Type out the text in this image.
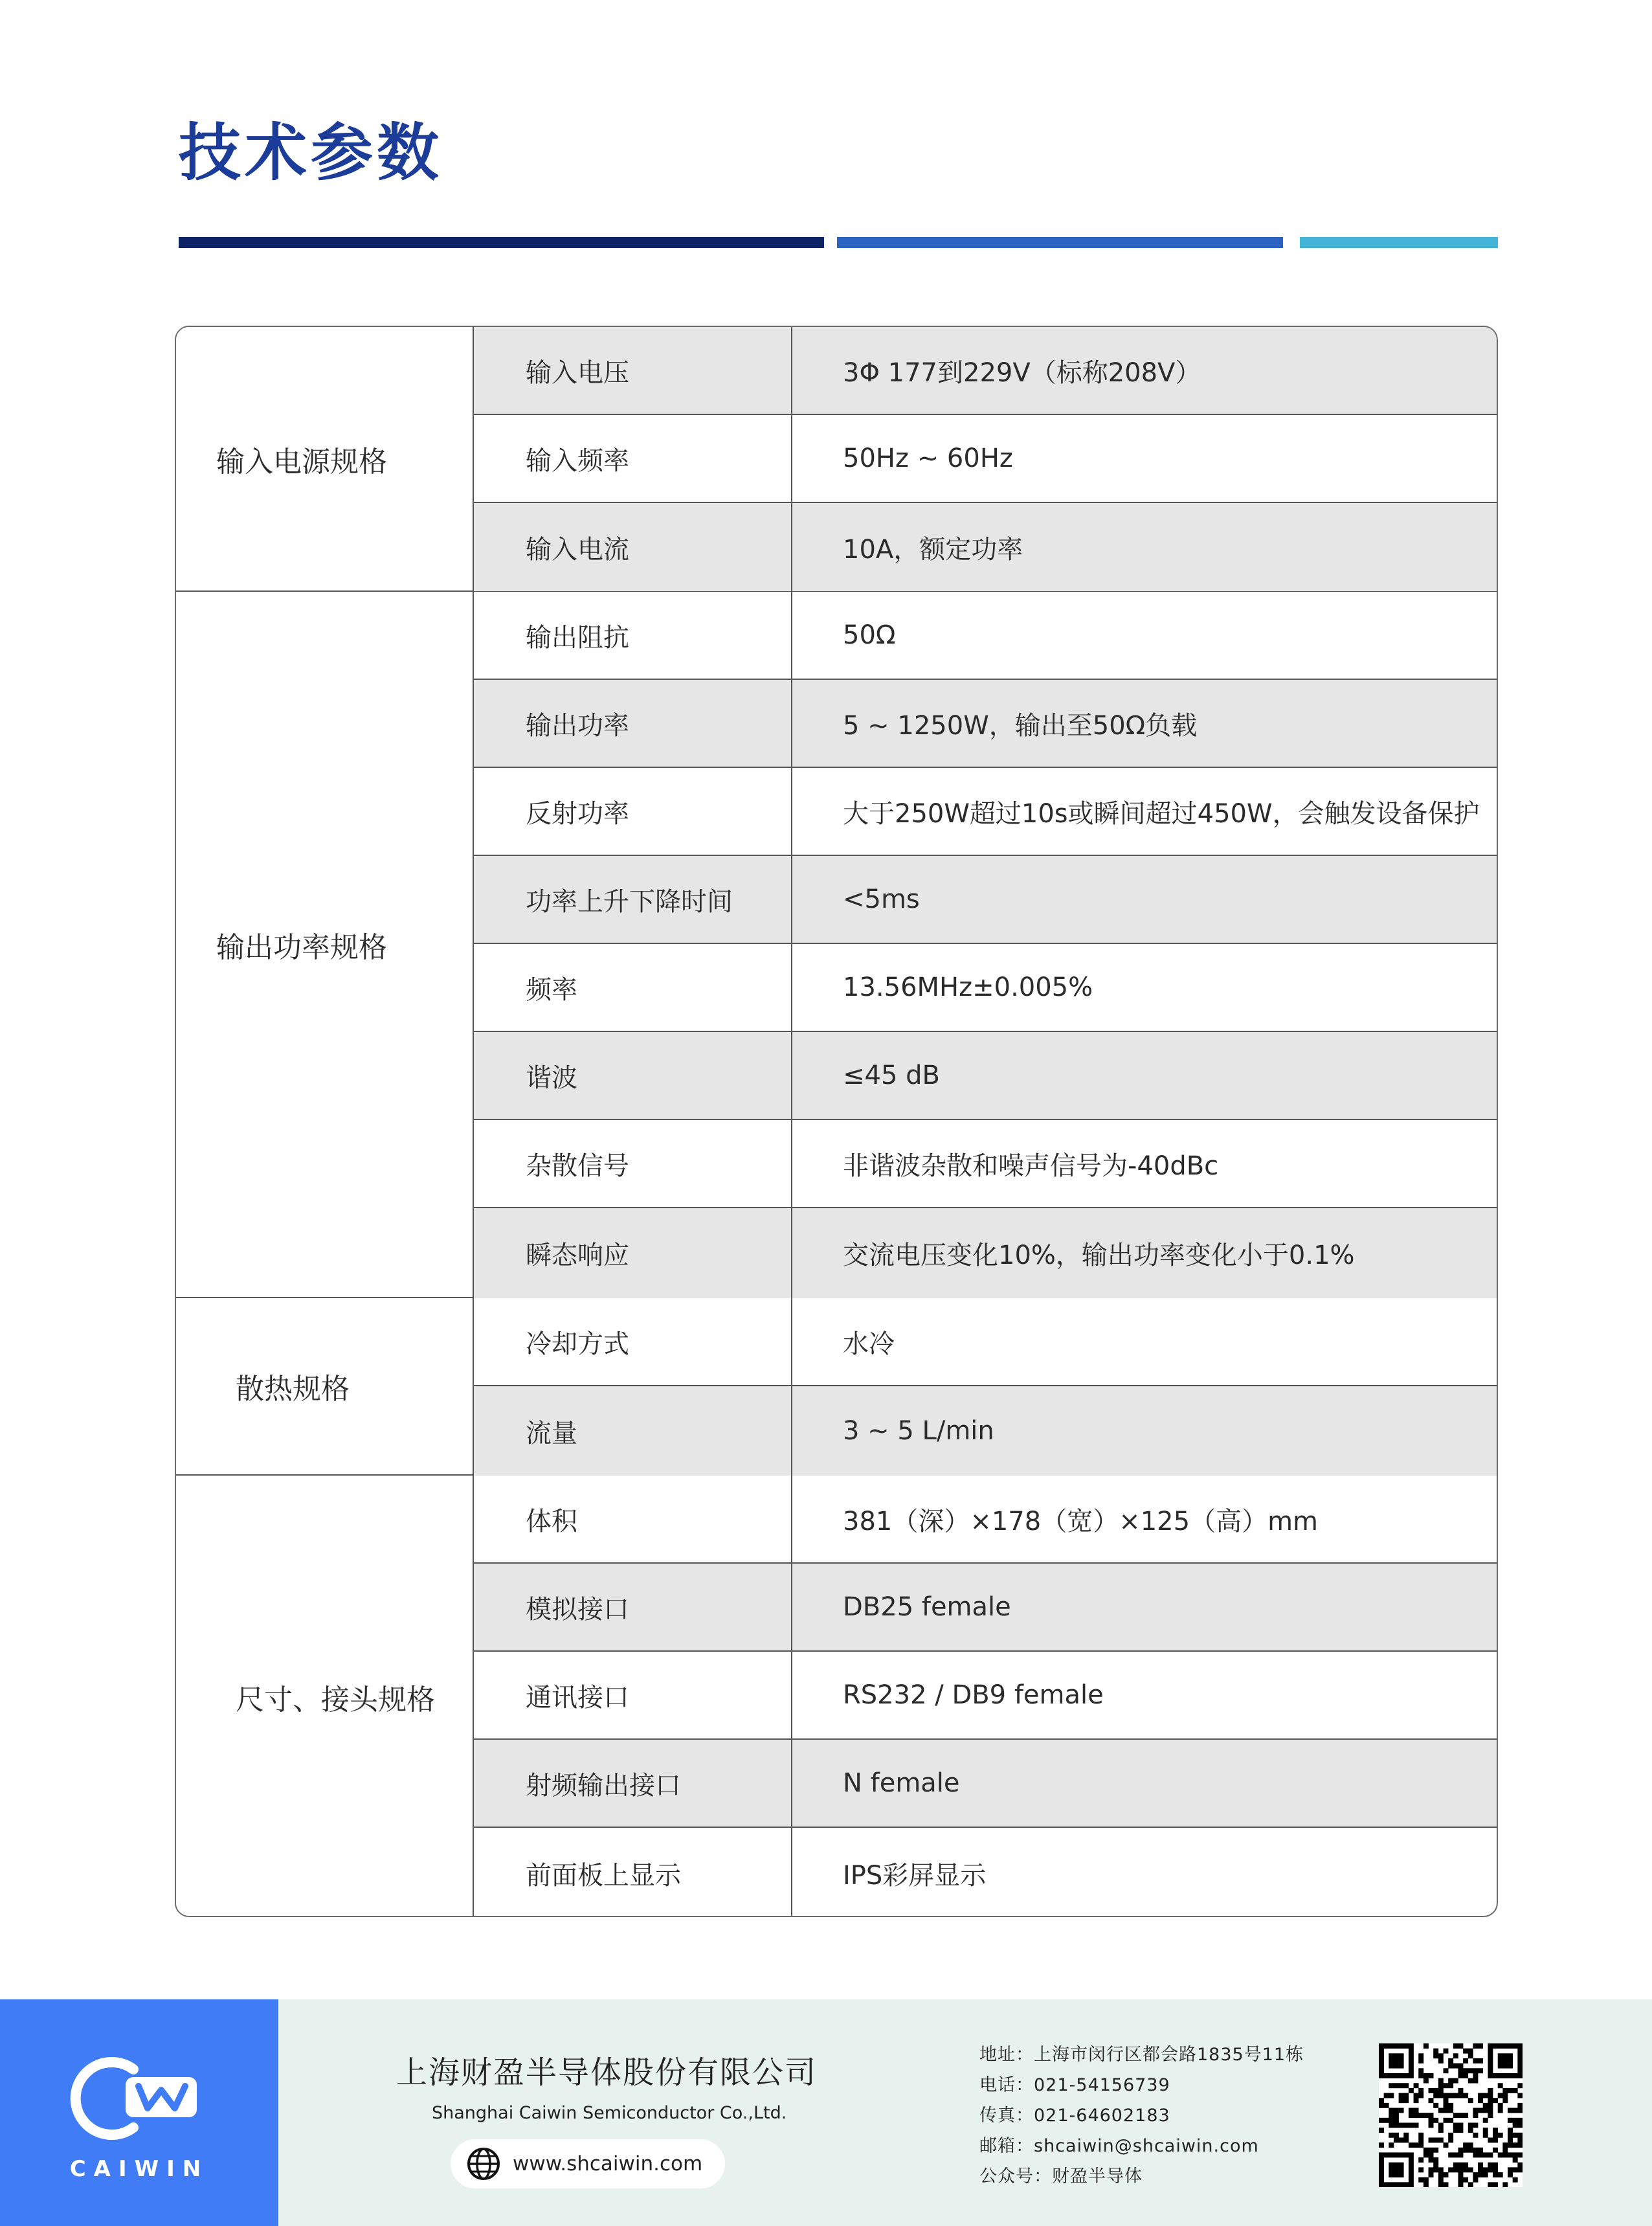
技术参数
输入电源规格
输入电压	3Φ 177到229V（标称208V）
输入频率	50Hz ~ 60Hz
输入电流	10A，额定功率
输出功率规格
输出阻抗	50Ω
输出功率	5 ~ 1250W，输出至50Ω负载
反射功率	大于250W超过10s或瞬间超过450W，会触发设备保护
功率上升下降时间	<5ms
频率	13.56MHz±0.005%
谐波	≤45 dB
杂散信号	非谐波杂散和噪声信号为-40dBc
瞬态响应	交流电压变化10%，输出功率变化小于0.1%
散热规格
冷却方式	水冷
流量	3 ~ 5 L/min
尺寸、接头规格
体积	381（深）×178（宽）×125（高）mm
模拟接口	DB25 female
通讯接口	RS232 / DB9 female
射频输出接口	N female
前面板上显示	IPS彩屏显示
CAIWIN
上海财盈半导体股份有限公司
Shanghai Caiwin Semiconductor Co.,Ltd.
www.shcaiwin.com
地址：上海市闵行区都会路1835号11栋
电话：021-54156739
传真：021-64602183
邮箱：shcaiwin@shcaiwin.com
公众号：财盈半导体
